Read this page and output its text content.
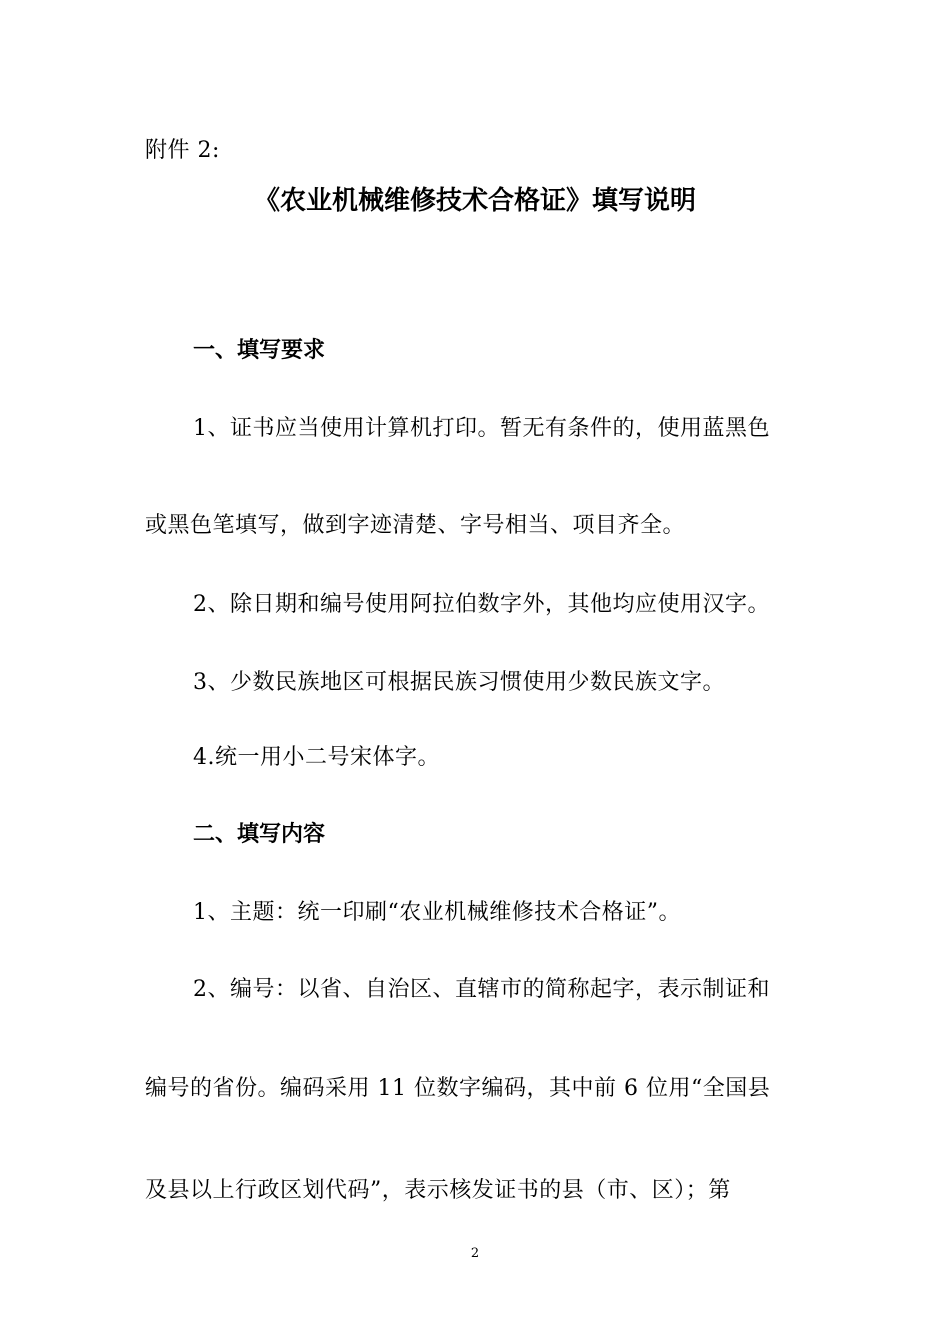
附件 2:
《农业机械维修技术合格证》填写说明
一、填写要求
1、证书应当使用计算机打印。暂无有条件的，使用蓝黑色
或黑色笔填写，做到字迹清楚、字号相当、项目齐全。
2、除日期和编号使用阿拉伯数字外，其他均应使用汉字。
3、少数民族地区可根据民族习惯使用少数民族文字。
4.统一用小二号宋体字。
二、填写内容
1、主题：统一印刷“农业机械维修技术合格证”。
2、编号：以省、自治区、直辖市的简称起字，表示制证和
编号的省份。编码采用 11 位数字编码，其中前 6 位用“全国县
及县以上行政区划代码”，表示核发证书的县（市、区）；第
2
